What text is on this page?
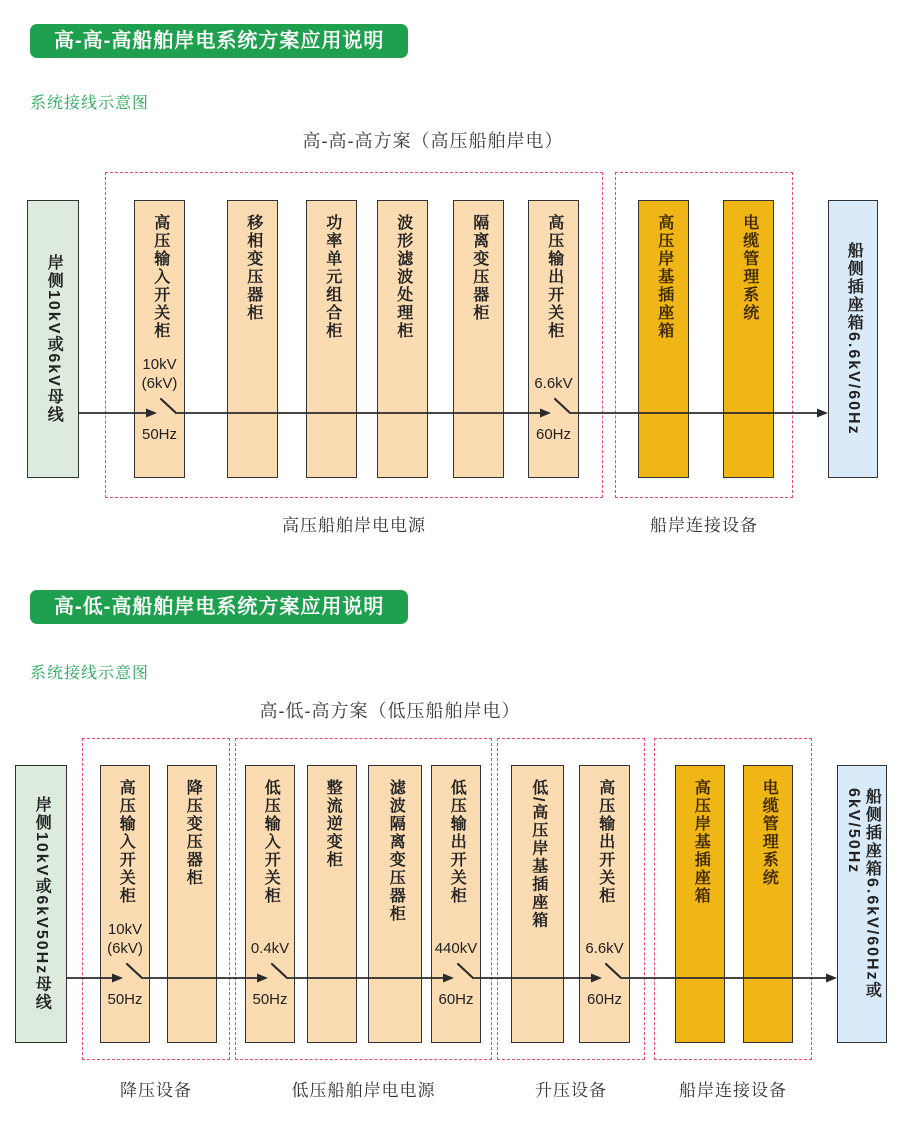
高-高-高船舶岸电系统方案应用说明
系统接线示意图
高-高-高方案（高压船舶岸电）
岸侧10kV或6kV母线	高压输入开关柜
10kV
(6kV)
50Hz
移相变压器柜	功率单元组合柜	波形滤波处理柜	隔离变压器柜	高压输出开关柜
6.6kV
60Hz
高压岸基插座箱	电缆管理系统	船侧插座箱6.6kV/60Hz
高压船舶岸电电源	船岸连接设备
高-低-高船舶岸电系统方案应用说明
系统接线示意图
高-低-高方案（低压船舶岸电）
岸侧10kV或6kV50Hz母线	高压输入开关柜
10kV
(6kV)
50Hz
降压变压器柜	低压输入开关柜
0.4kV
50Hz
整流逆变柜	滤波隔离变压器柜	低压输出开关柜
440kV
60Hz
低/高压岸基插座箱	高压输出开关柜
6.6kV
60Hz
高压岸基插座箱	电缆管理系统	船侧插座箱6.6kV/60Hz或
6kV/50Hz
降压设备	低压船舶岸电电源	升压设备	船岸连接设备
